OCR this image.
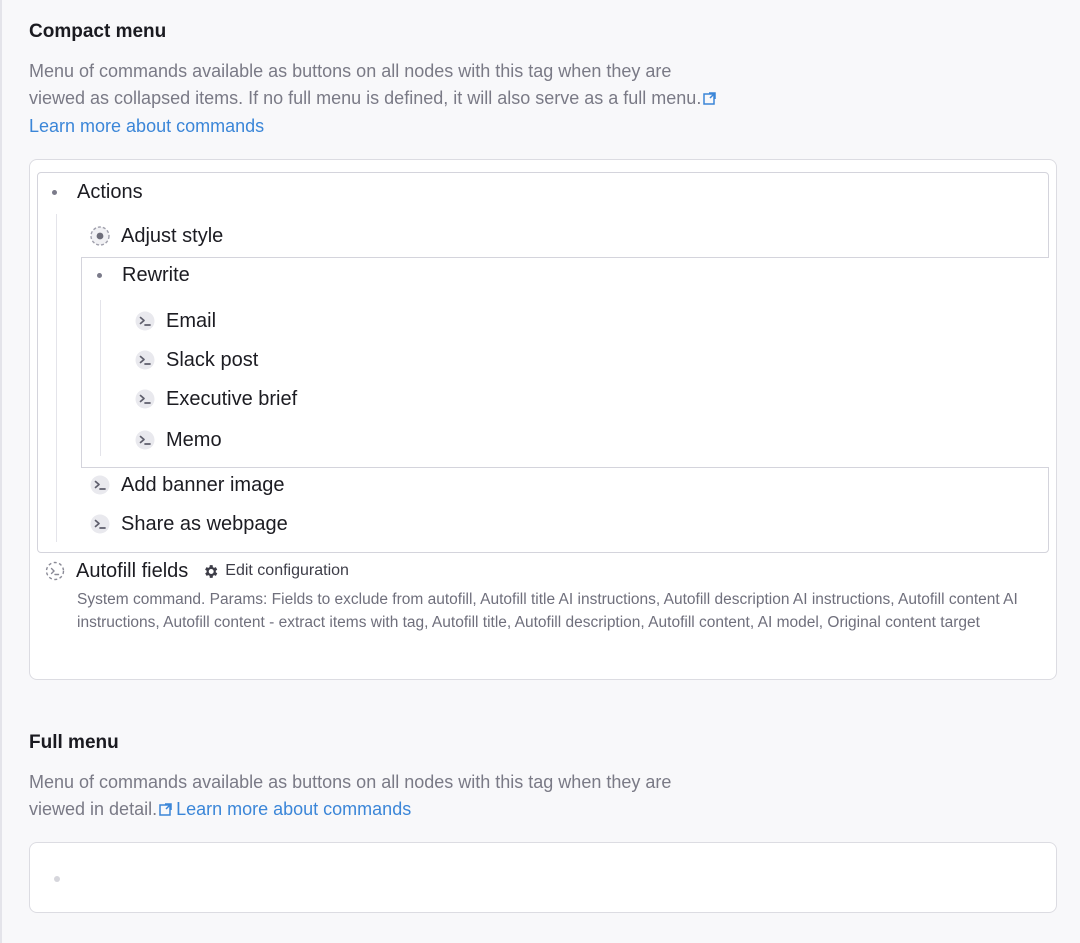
Compact menu
Menu of commands available as buttons on all nodes with this tag when they are viewed as collapsed items. If no full menu is defined, it will also serve as a full menu.Learn more about commands
Actions
Adjust style
Rewrite
Email
Slack post
Executive brief
Memo
Add banner image
Share as webpage
Autofill fields Edit configuration
System command. Params: Fields to exclude from autofill, Autofill title AI instructions, Autofill description AI instructions, Autofill content AI instructions, Autofill content - extract items with tag, Autofill title, Autofill description, Autofill content, AI model, Original content target
Full menu
Menu of commands available as buttons on all nodes with this tag when they are viewed in detail. Learn more about commands
